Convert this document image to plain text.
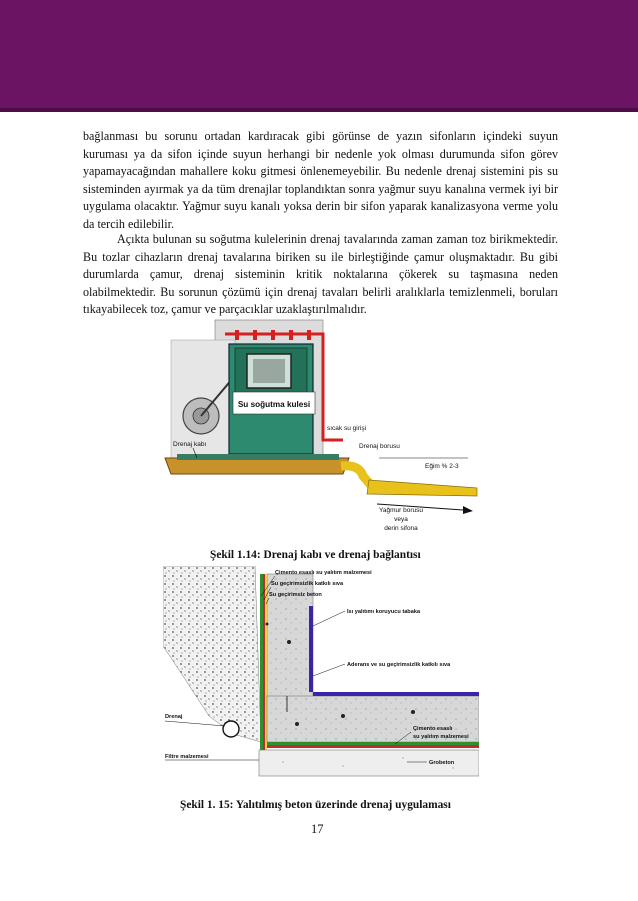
bağlanması bu sorunu ortadan kardıracak gibi görünse de yazın sifonların içindeki suyun kuruması ya da sifon içinde suyun herhangi bir nedenle yok olması durumunda sifon görev yapamayacağından mahallere koku gitmesi önlenemeyebilir. Bu nedenle drenaj sistemini pis su sisteminden ayırmak ya da tüm drenajlar toplandıktan sonra yağmur suyu kanalına vermek iyi bir uygulama olacaktır. Yağmur suyu kanalı yoksa derin bir sifon yaparak kanalizasyona verme yolu da tercih edilebilir.

Açıkta bulunan su soğutma kulelerinin drenaj tavalarında zaman zaman toz birikmektedir. Bu tozlar cihazların drenaj tavalarına biriken su ile birleştiğinde çamur oluşmaktadır. Bu gibi durumlarda çamur, drenaj sisteminin kritik noktalarına çökerek su taşmasına neden olabilmektedir. Bu sorunun çözümü için drenaj tavaları belirli aralıklarla temizlenmeli, boruları tıkayabilecek toz, çamur ve parçacıklar uzaklaştırılmalıdır.

Su soğutma kulesi
sıcak su girişi
Drenaj kabı	Drenaj borusu
Eğim % 2-3
Yağmur borusu
veya
derin sifona

Şekil 1.14: Drenaj kabı ve drenaj bağlantısı

Çimento esaslı su yalıtım malzemesi
Su geçirimsizlik katkılı sıva
Su geçirimsiz beton
Isı yalıtımı koruyucu tabaka
Aderans ve su geçirimsizlik katkılı sıva
Drenaj
Filtre malzemesi
Çimento esaslı
su yalıtım malzemesi
Grobeton

Şekil 1. 15: Yalıtılmış beton üzerinde drenaj uygulaması

17
